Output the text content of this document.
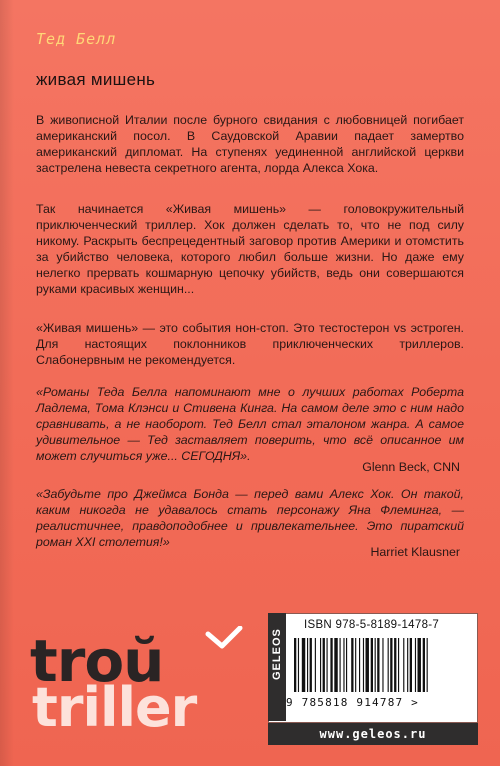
Тед Белл
живая мишень

В живописной Италии после бурного свидания с любовницей погибает американский посол. В Саудовской Аравии падает замертво американский дипломат. На ступенях уединенной английской церкви застрелена невеста секретного агента, лорда Алекса Хока.

Так начинается «Живая мишень» — головокружительный приключенческий триллер. Хок должен сделать то, что не под силу никому. Раскрыть беспрецедентный заговор против Америки и отомстить за убийство человека, которого любил больше жизни. Но даже ему нелегко прервать кошмарную цепочку убийств, ведь они совершаются руками красивых женщин...

«Живая мишень» — это события нон-стоп. Это тестостерон vs эстроген. Для настоящих поклонников приключенческих триллеров. Слабонервным не рекомендуется.

«Романы Теда Белла напоминают мне о лучших работах Роберта Ладлема, Тома Клэнси и Стивена Кинга. На самом деле это с ним надо сравнивать, а не наоборот. Тед Белл стал эталоном жанра. А самое удивительное — Тед заставляет поверить, что всё описанное им может случиться уже... СЕГОДНЯ».

Glenn Beck, CNN

«Забудьте про Джеймса Бонда — перед вами Алекс Хок. Он такой, каким никогда не удавалось стать персонажу Яна Флеминга, — реалистичнее, правдоподобнее и привлекательнее. Это пиратский роман XXI столетия!»

Harriet Klausner
troŭ
triller
GELEOS
ISBN 978-5-8189-1478-7
9 785818 914787 >
www.geleos.ru
